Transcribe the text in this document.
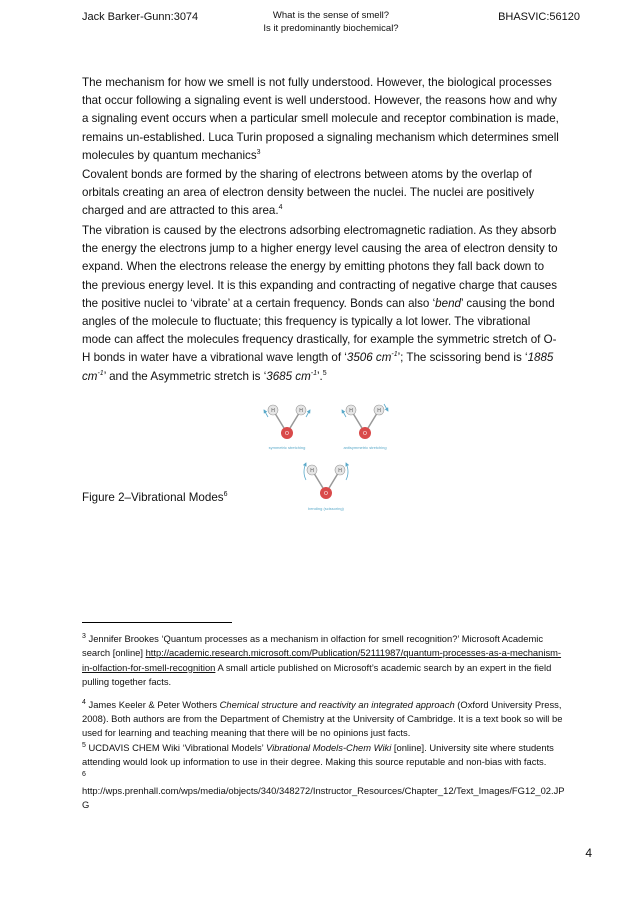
Jack Barker-Gunn:3074	What is the sense of smell?
Is it predominantly biochemical?
BHASVIC:56120

The mechanism for how we smell is not fully understood. However, the biological processes that occur following a signaling event is well understood. However, the reasons how and why a signaling event occurs when a particular smell molecule and receptor combination is made, remains un-established. Luca Turin proposed a signaling mechanism which determines smell molecules by quantum mechanics$^3$

Covalent bonds are formed by the sharing of electrons between atoms by the overlap of orbitals creating an area of electron density between the nuclei. The nuclei are positively charged and are attracted to this area.$^4$

The vibration is caused by the electrons adsorbing electromagnetic radiation. As they absorb the energy the electrons jump to a higher energy level causing the area of electron density to expand. When the electrons release the energy by emitting photons they fall back down to the previous energy level. It is this expanding and contracting of negative charge that causes the positive nuclei to ‘vibrate’ at a certain frequency. Bonds can also ‘bend’ causing the bond angles of the molecule to fluctuate; this frequency is typically a lot lower. The vibrational mode can affect the molecules frequency drastically, for example the symmetric stretch of O-H bonds in water have a vibrational wave length of ‘3506 $cm^{-1}$’; The scissoring bend is ‘1885 $cm^{-1}$’ and the Asymmetric stretch is ‘3685 $cm^{-1}’.^5$

H	H
O
symmetric stretching
H	H
O
antisymmetric stretching
H	H
O
bending (scissoring)
Figure 2–Vibrational Modes$^6$

$^3$ Jennifer Brookes ‘Quantum processes as a mechanism in olfaction for smell recognition?’ Microsoft Academic search [online] http://academic.research.microsoft.com/Publication/52111987/quantum-processes-as-a-mechanism-in-olfaction-for-smell-recognition A small article published on Microsoft’s academic search by an expert in the field pulling together facts.

$^4$ James Keeler & Peter Wothers Chemical structure and reactivity an integrated approach (Oxford University Press, 2008). Both authors are from the Department of Chemistry at the University of Cambridge. It is a text book so will be used for learning and teaching meaning that there will be no opinions just facts.

$^5$ UCDAVIS CHEM Wiki ‘Vibrational Models’ Vibrational Models-Chem Wiki [online]. University site where students attending would look up information to use in their degree. Making this source reputable and non-bias with facts.

$^6$

http://wps.prenhall.com/wps/media/objects/340/348272/Instructor_Resources/Chapter_12/Text_Images/FG12_02.JPG

4
